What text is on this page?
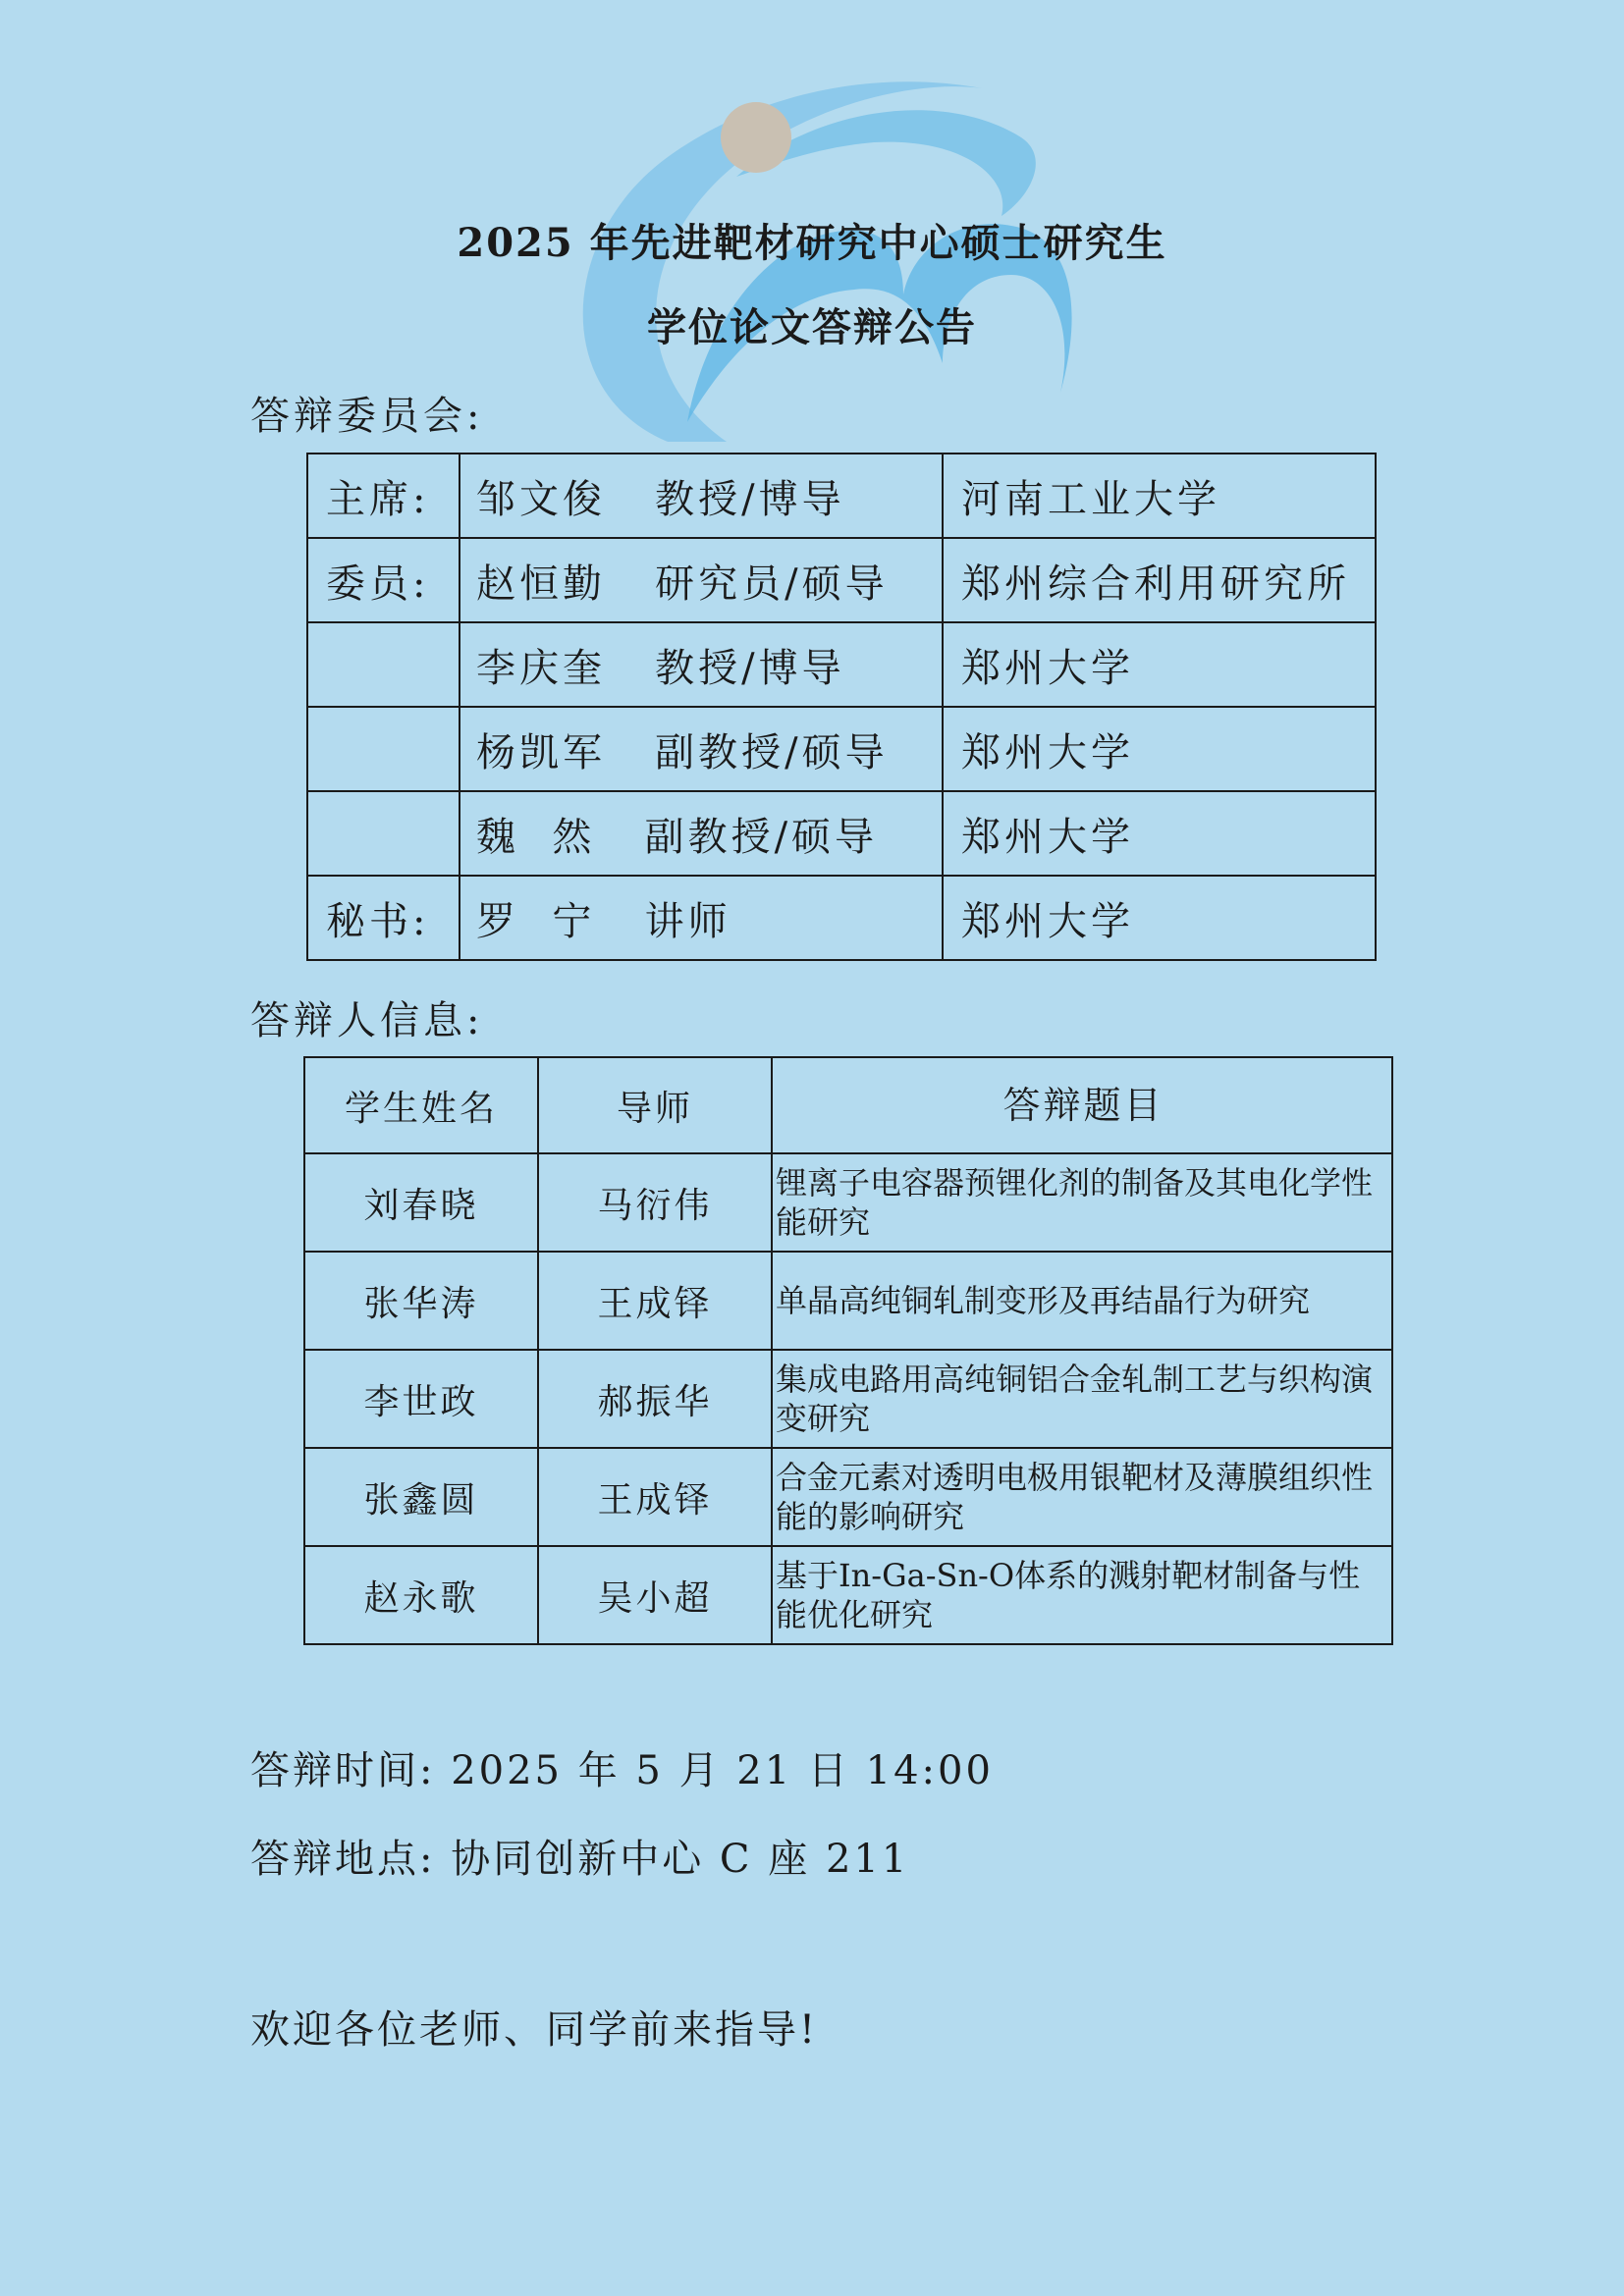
2025 年先进靶材研究中心硕士研究生
学位论文答辩公告
答辩委员会:
主席:	邹文俊   教授/博导	河南工业大学
委员:	赵恒勤   研究员/硕导	郑州综合利用研究所
	李庆奎   教授/博导	郑州大学
	杨凯军   副教授/硕导	郑州大学
	魏  然   副教授/硕导	郑州大学
秘书:	罗  宁   讲师	郑州大学
答辩人信息:
学生姓名	导师	答辩题目
刘春晓	马衍伟	锂离子电容器预锂化剂的制备及其电化学性能研究
张华涛	王成铎	单晶高纯铜轧制变形及再结晶行为研究
李世政	郝振华	集成电路用高纯铜铝合金轧制工艺与织构演变研究
张鑫圆	王成铎	合金元素对透明电极用银靶材及薄膜组织性能的影响研究
赵永歌	吴小超	基于In-Ga-Sn-O体系的溅射靶材制备与性能优化研究
答辩时间: 2025 年 5 月 21 日 14:00
答辩地点: 协同创新中心 C 座 211
欢迎各位老师、同学前来指导!
